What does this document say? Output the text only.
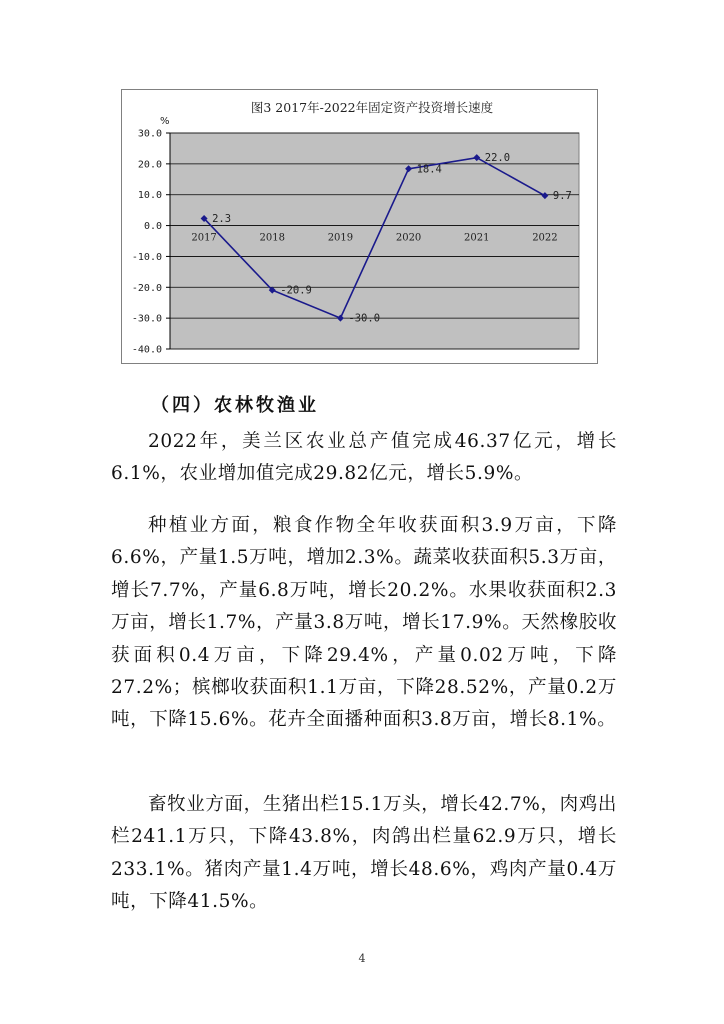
图3 2017年-2022年固定资产投资增长速度
%
30.0
20.0
10.0
0.0
-10.0
-20.0
-30.0
-40.0
2017	2018	2019	2020	2021	2022
2.3
-20.9
-30.0
18.4
22.0
9.7
（四）农林牧渔业

2022年，美兰区农业总产值完成46.37亿元，增长6.1%，农业增加值完成29.82亿元，增长5.9%。

种植业方面，粮食作物全年收获面积3.9万亩，下降6.6%，产量1.5万吨，增加2.3%。蔬菜收获面积5.3万亩，增长7.7%，产量6.8万吨，增长20.2%。水果收获面积2.3万亩，增长1.7%，产量3.8万吨，增长17.9%。天然橡胶收获面积0.4万亩，下降29.4%，产量0.02万吨，下降27.2%；槟榔收获面积1.1万亩，下降28.52%，产量0.2万吨，下降15.6%。花卉全面播种面积3.8万亩，增长8.1%。

畜牧业方面，生猪出栏15.1万头，增长42.7%，肉鸡出栏241.1万只，下降43.8%，肉鸽出栏量62.9万只，增长233.1%。猪肉产量1.4万吨，增长48.6%，鸡肉产量0.4万吨，下降41.5%。

4
